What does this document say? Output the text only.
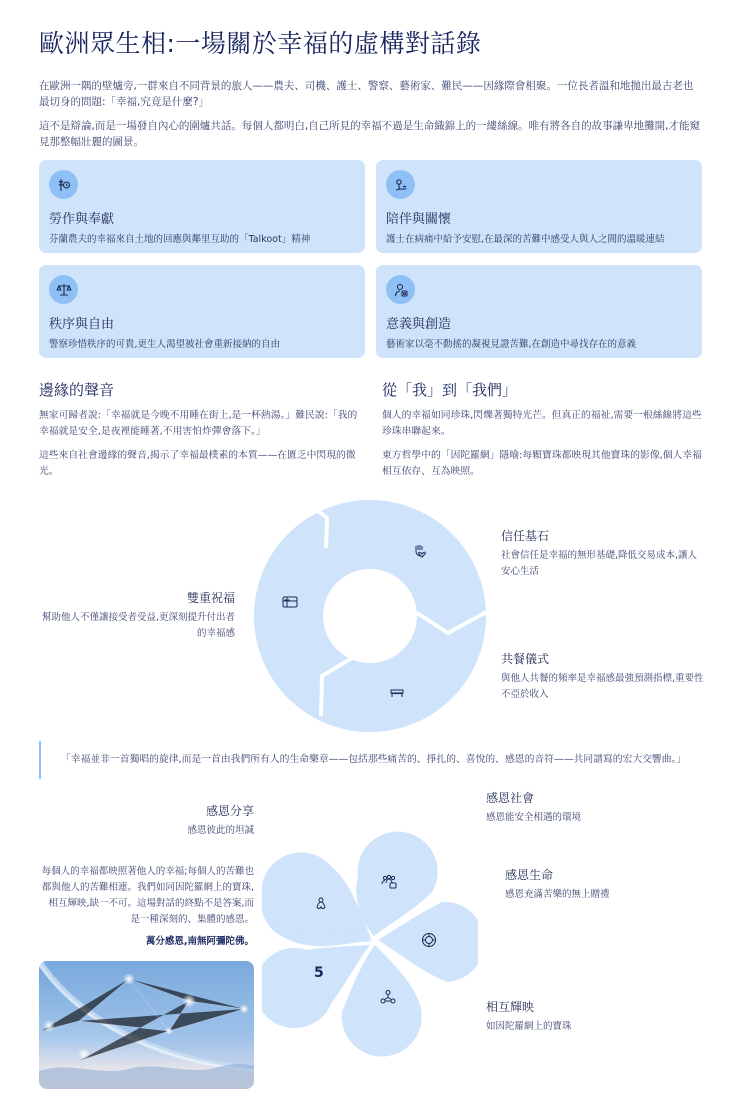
歐洲眾生相:一場關於幸福的虛構對話錄

在歐洲一隅的壁爐旁,一群來自不同背景的旅人——農夫、司機、護士、警察、藝術家、難民——因緣際會相聚。一位長者溫和地拋出最古老也最切身的問題:「幸福,究竟是什麼?」

這不是辯論,而是一場發自內心的圍爐共話。每個人都明白,自己所見的幸福不過是生命織錦上的一縷絲線。唯有將各自的故事謙卑地攤開,才能窺見那整幅壯麗的圖景。

勞作與奉獻
芬蘭農夫的幸福來自土地的回應與鄰里互助的「Talkoot」精神
陪伴與關懷
護士在病痛中給予安慰,在最深的苦難中感受人與人之間的溫暖連結
秩序與自由
警察珍惜秩序的可貴,更生人渴望被社會重新接納的自由
意義與創造
藝術家以毫不動搖的凝視見證苦難,在創造中尋找存在的意義
邊緣的聲音

無家可歸者說:「幸福就是今晚不用睡在街上,是一杯熱湯。」難民說:「我的幸福就是安全,是夜裡能睡著,不用害怕炸彈會落下。」

這些來自社會邊緣的聲音,揭示了幸福最樸素的本質——在匱乏中閃現的微光。

從「我」到「我們」

個人的幸福如同珍珠,閃爍著獨特光芒。但真正的福祉,需要一根絲線將這些珍珠串聯起來。

東方哲學中的「因陀羅網」隱喻:每顆寶珠都映現其他寶珠的影像,個人幸福相互依存、互為映照。

信任基石
社會信任是幸福的無形基礎,降低交易成本,讓人安心生活
共餐儀式
與他人共餐的頻率是幸福感最強預測指標,重要性不亞於收入
雙重祝福
幫助他人不僅讓接受者受益,更深刻提升付出者的幸福感
「幸福並非一首獨唱的旋律,而是一首由我們所有人的生命樂章——包括那些痛苦的、掙扎的、喜悅的、感恩的音符——共同譜寫的宏大交響曲。」
感恩分享
感恩彼此的坦誠

每個人的幸福都映照著他人的幸福;每個人的苦難也都與他人的苦難相連。我們如同因陀羅網上的寶珠,相互輝映,缺一不可。這場對話的終點不是答案,而是一種深刻的、集體的感恩。

萬分感恩,南無阿彌陀佛。

5
感恩社會
感恩能安全相遇的環境
感恩生命
感恩充滿苦樂的無上贈禮
相互輝映
如因陀羅網上的寶珠
